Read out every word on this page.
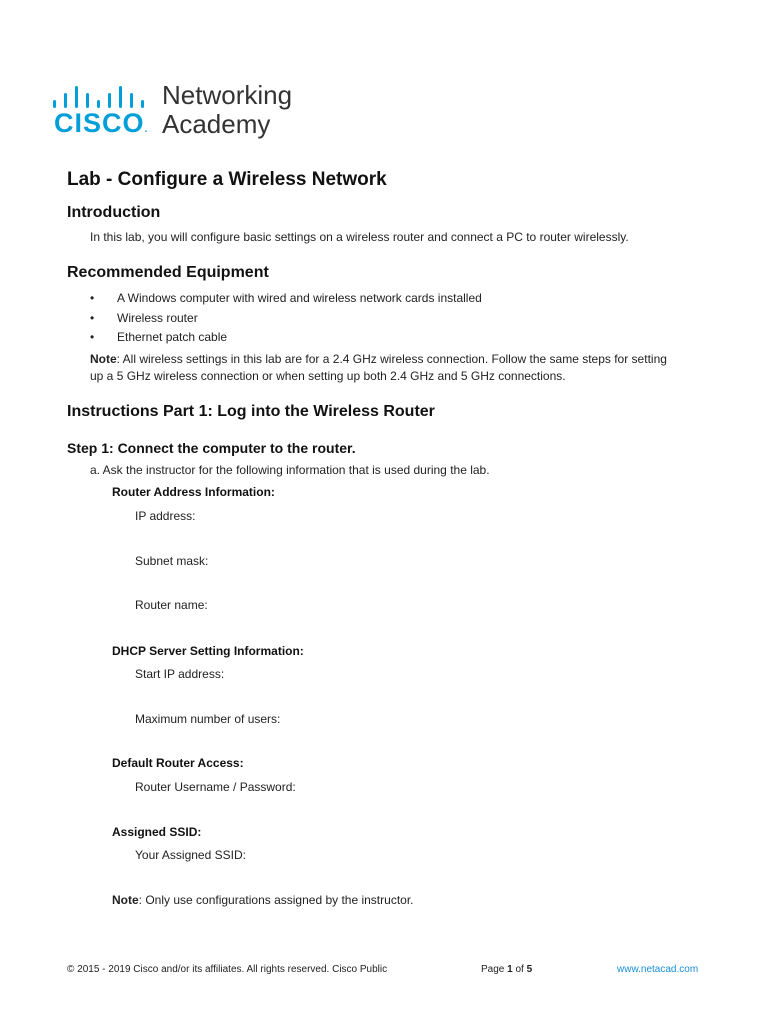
CISCO.
Networking
Academy
Lab - Configure a Wireless Network
Introduction
In this lab, you will configure basic settings on a wireless router and connect a PC to router wirelessly.
Recommended Equipment
• A Windows computer with wired and wireless network cards installed
• Wireless router
• Ethernet patch cable
Note: All wireless settings in this lab are for a 2.4 GHz wireless connection. Follow the same steps for setting
up a 5 GHz wireless connection or when setting up both 2.4 GHz and 5 GHz connections.
Instructions Part 1: Log into the Wireless Router
Step 1: Connect the computer to the router.
a. Ask the instructor for the following information that is used during the lab.
Router Address Information:
IP address:
Subnet mask:
Router name:
DHCP Server Setting Information:
Start IP address:
Maximum number of users:
Default Router Access:
Router Username / Password:
Assigned SSID:
Your Assigned SSID:
Note: Only use configurations assigned by the instructor.
© 2015 - 2019 Cisco and/or its affiliates. All rights reserved. Cisco Public	Page 1 of 5	www.netacad.com
